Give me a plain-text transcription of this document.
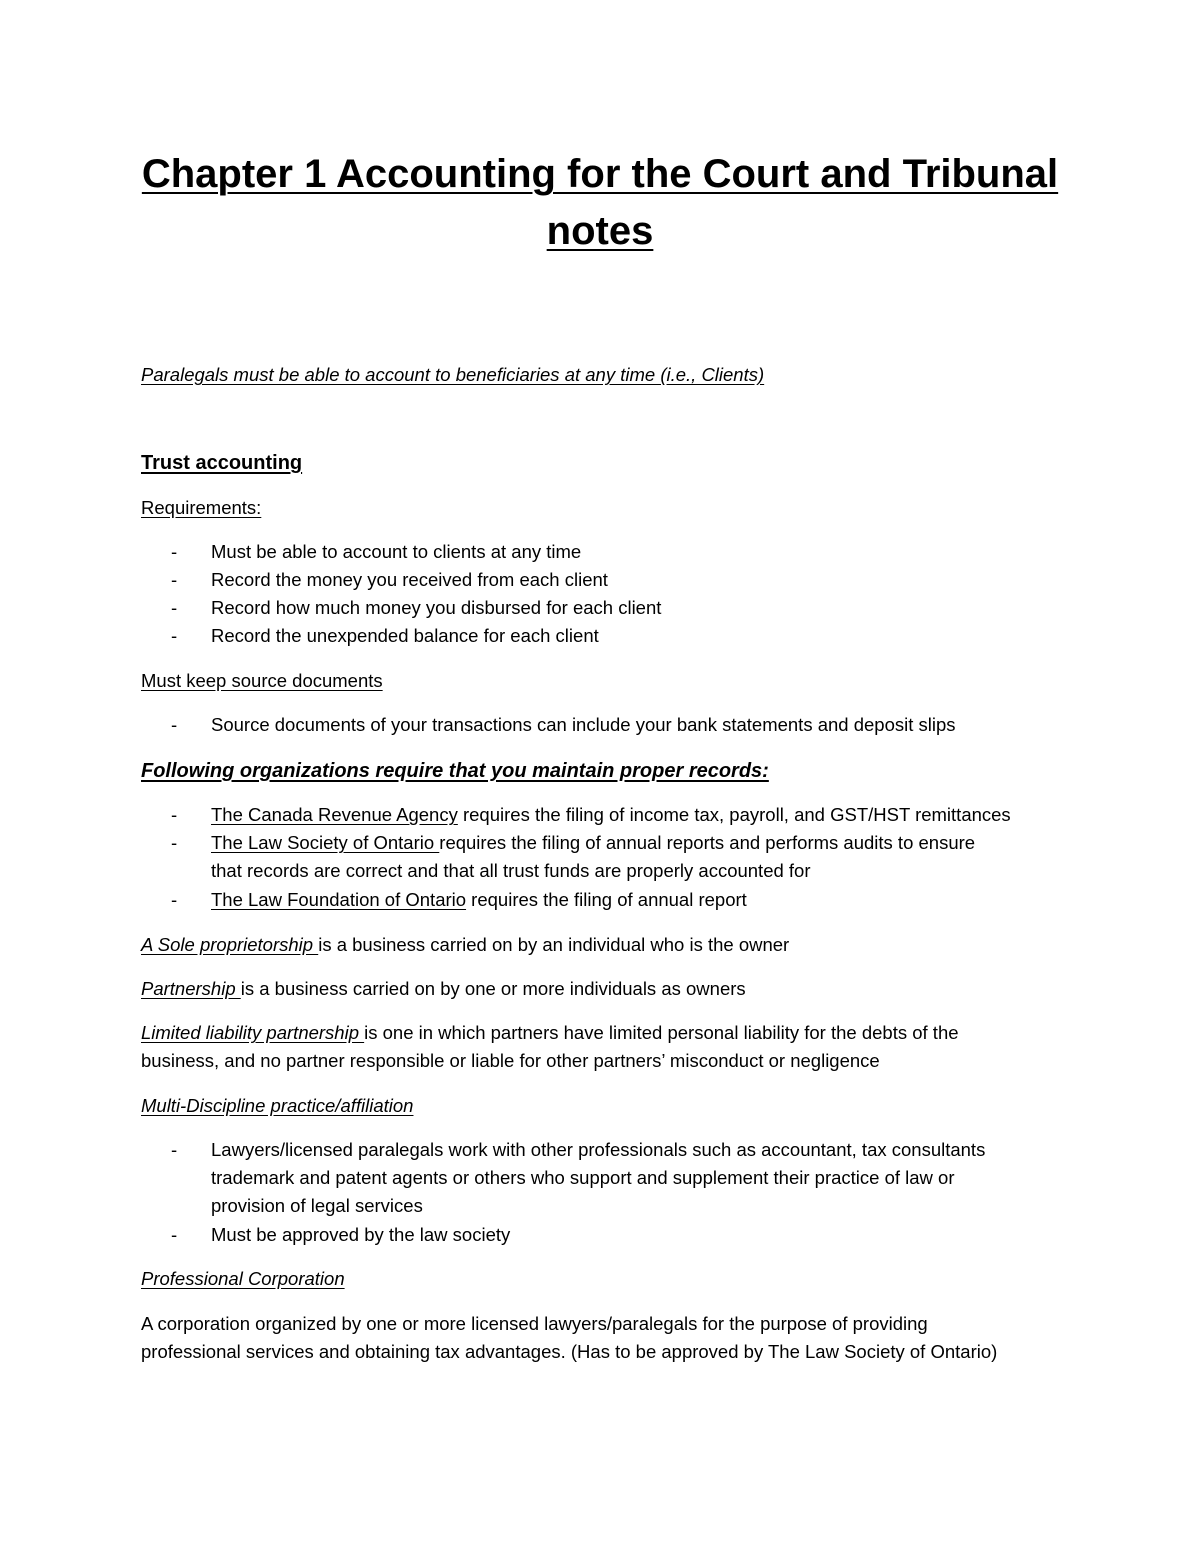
Chapter 1 Accounting for the Court and Tribunal
notes
Paralegals must be able to account to beneficiaries at any time (i.e., Clients)
Trust accounting
Requirements:
- Must be able to account to clients at any time
- Record the money you received from each client
- Record how much money you disbursed for each client
- Record the unexpended balance for each client
Must keep source documents
- Source documents of your transactions can include your bank statements and deposit slips
Following organizations require that you maintain proper records:
- The Canada Revenue Agency requires the filing of income tax, payroll, and GST/HST remittances
- The Law Society of Ontario requires the filing of annual reports and performs audits to ensure
that records are correct and that all trust funds are properly accounted for
- The Law Foundation of Ontario requires the filing of annual report
A Sole proprietorship is a business carried on by an individual who is the owner
Partnership is a business carried on by one or more individuals as owners
Limited liability partnership is one in which partners have limited personal liability for the debts of the
business, and no partner responsible or liable for other partners’ misconduct or negligence
Multi-Discipline practice/affiliation
- Lawyers/licensed paralegals work with other professionals such as accountant, tax consultants
trademark and patent agents or others who support and supplement their practice of law or
provision of legal services
- Must be approved by the law society
Professional Corporation
A corporation organized by one or more licensed lawyers/paralegals for the purpose of providing
professional services and obtaining tax advantages. (Has to be approved by The Law Society of Ontario)
